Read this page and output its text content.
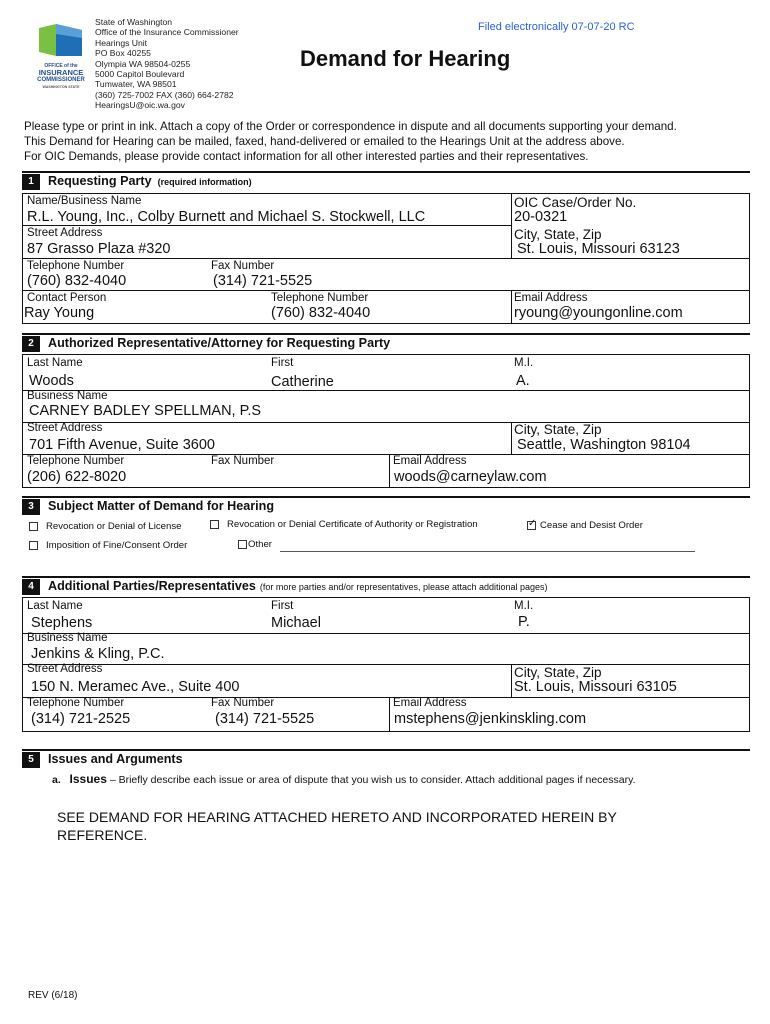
OFFICE of the
INSURANCE
COMMISSIONER
WASHINGTON STATE
State of Washington
Office of the Insurance Commissioner
Hearings Unit
PO Box 40255
Olympia WA 98504-0255
5000 Capitol Boulevard
Tumwater, WA 98501
(360) 725-7002 FAX (360) 664-2782
HearingsU@oic.wa.gov
Filed electronically 07-07-20 RC
Demand for Hearing
Please type or print in ink. Attach a copy of the Order or correspondence in dispute and all documents supporting your demand.
This Demand for Hearing can be mailed, faxed, hand-delivered or emailed to the Hearings Unit at the address above.
For OIC Demands, please provide contact information for all other interested parties and their representatives.
1	Requesting Party (required information)
Name/Business Name
R.L. Young, Inc., Colby Burnett and Michael S. Stockwell, LLC
OIC Case/Order No.
20-0321
Street Address
87 Grasso Plaza #320
City, State, Zip
St. Louis, Missouri 63123
Telephone Number
(760) 832-4040
Fax Number
(314) 721-5525
Contact Person
Ray Young
Telephone Number
(760) 832-4040
Email Address
ryoung@youngonline.com
2	Authorized Representative/Attorney for Requesting Party
Last Name
Woods
First
Catherine
M.I.
A.
Business Name
CARNEY BADLEY SPELLMAN, P.S
Street Address
701 Fifth Avenue, Suite 3600
City, State, Zip
Seattle, Washington 98104
Telephone Number
(206) 622-8020
Fax Number	Email Address
woods@carneylaw.com
3	Subject Matter of Demand for Hearing
Revocation or Denial of License	Revocation or Denial Certificate of Authority or Registration
✓	Cease and Desist Order
Imposition of Fine/Consent Order	Other
4	Additional Parties/Representatives (for more parties and/or representatives, please attach additional pages)
Last Name
Stephens
First
Michael
M.I.
P.
Business Name
Jenkins & Kling, P.C.
Street Address
150 N. Meramec Ave., Suite 400
City, State, Zip
St. Louis, Missouri 63105
Telephone Number
(314) 721-2525
Fax Number
(314) 721-5525
Email Address
mstephens@jenkinskling.com
5	Issues and Arguments
a. Issues – Briefly describe each issue or area of dispute that you wish us to consider. Attach additional pages if necessary.
SEE DEMAND FOR HEARING ATTACHED HERETO AND INCORPORATED HEREIN BY REFERENCE.
REV (6/18)
